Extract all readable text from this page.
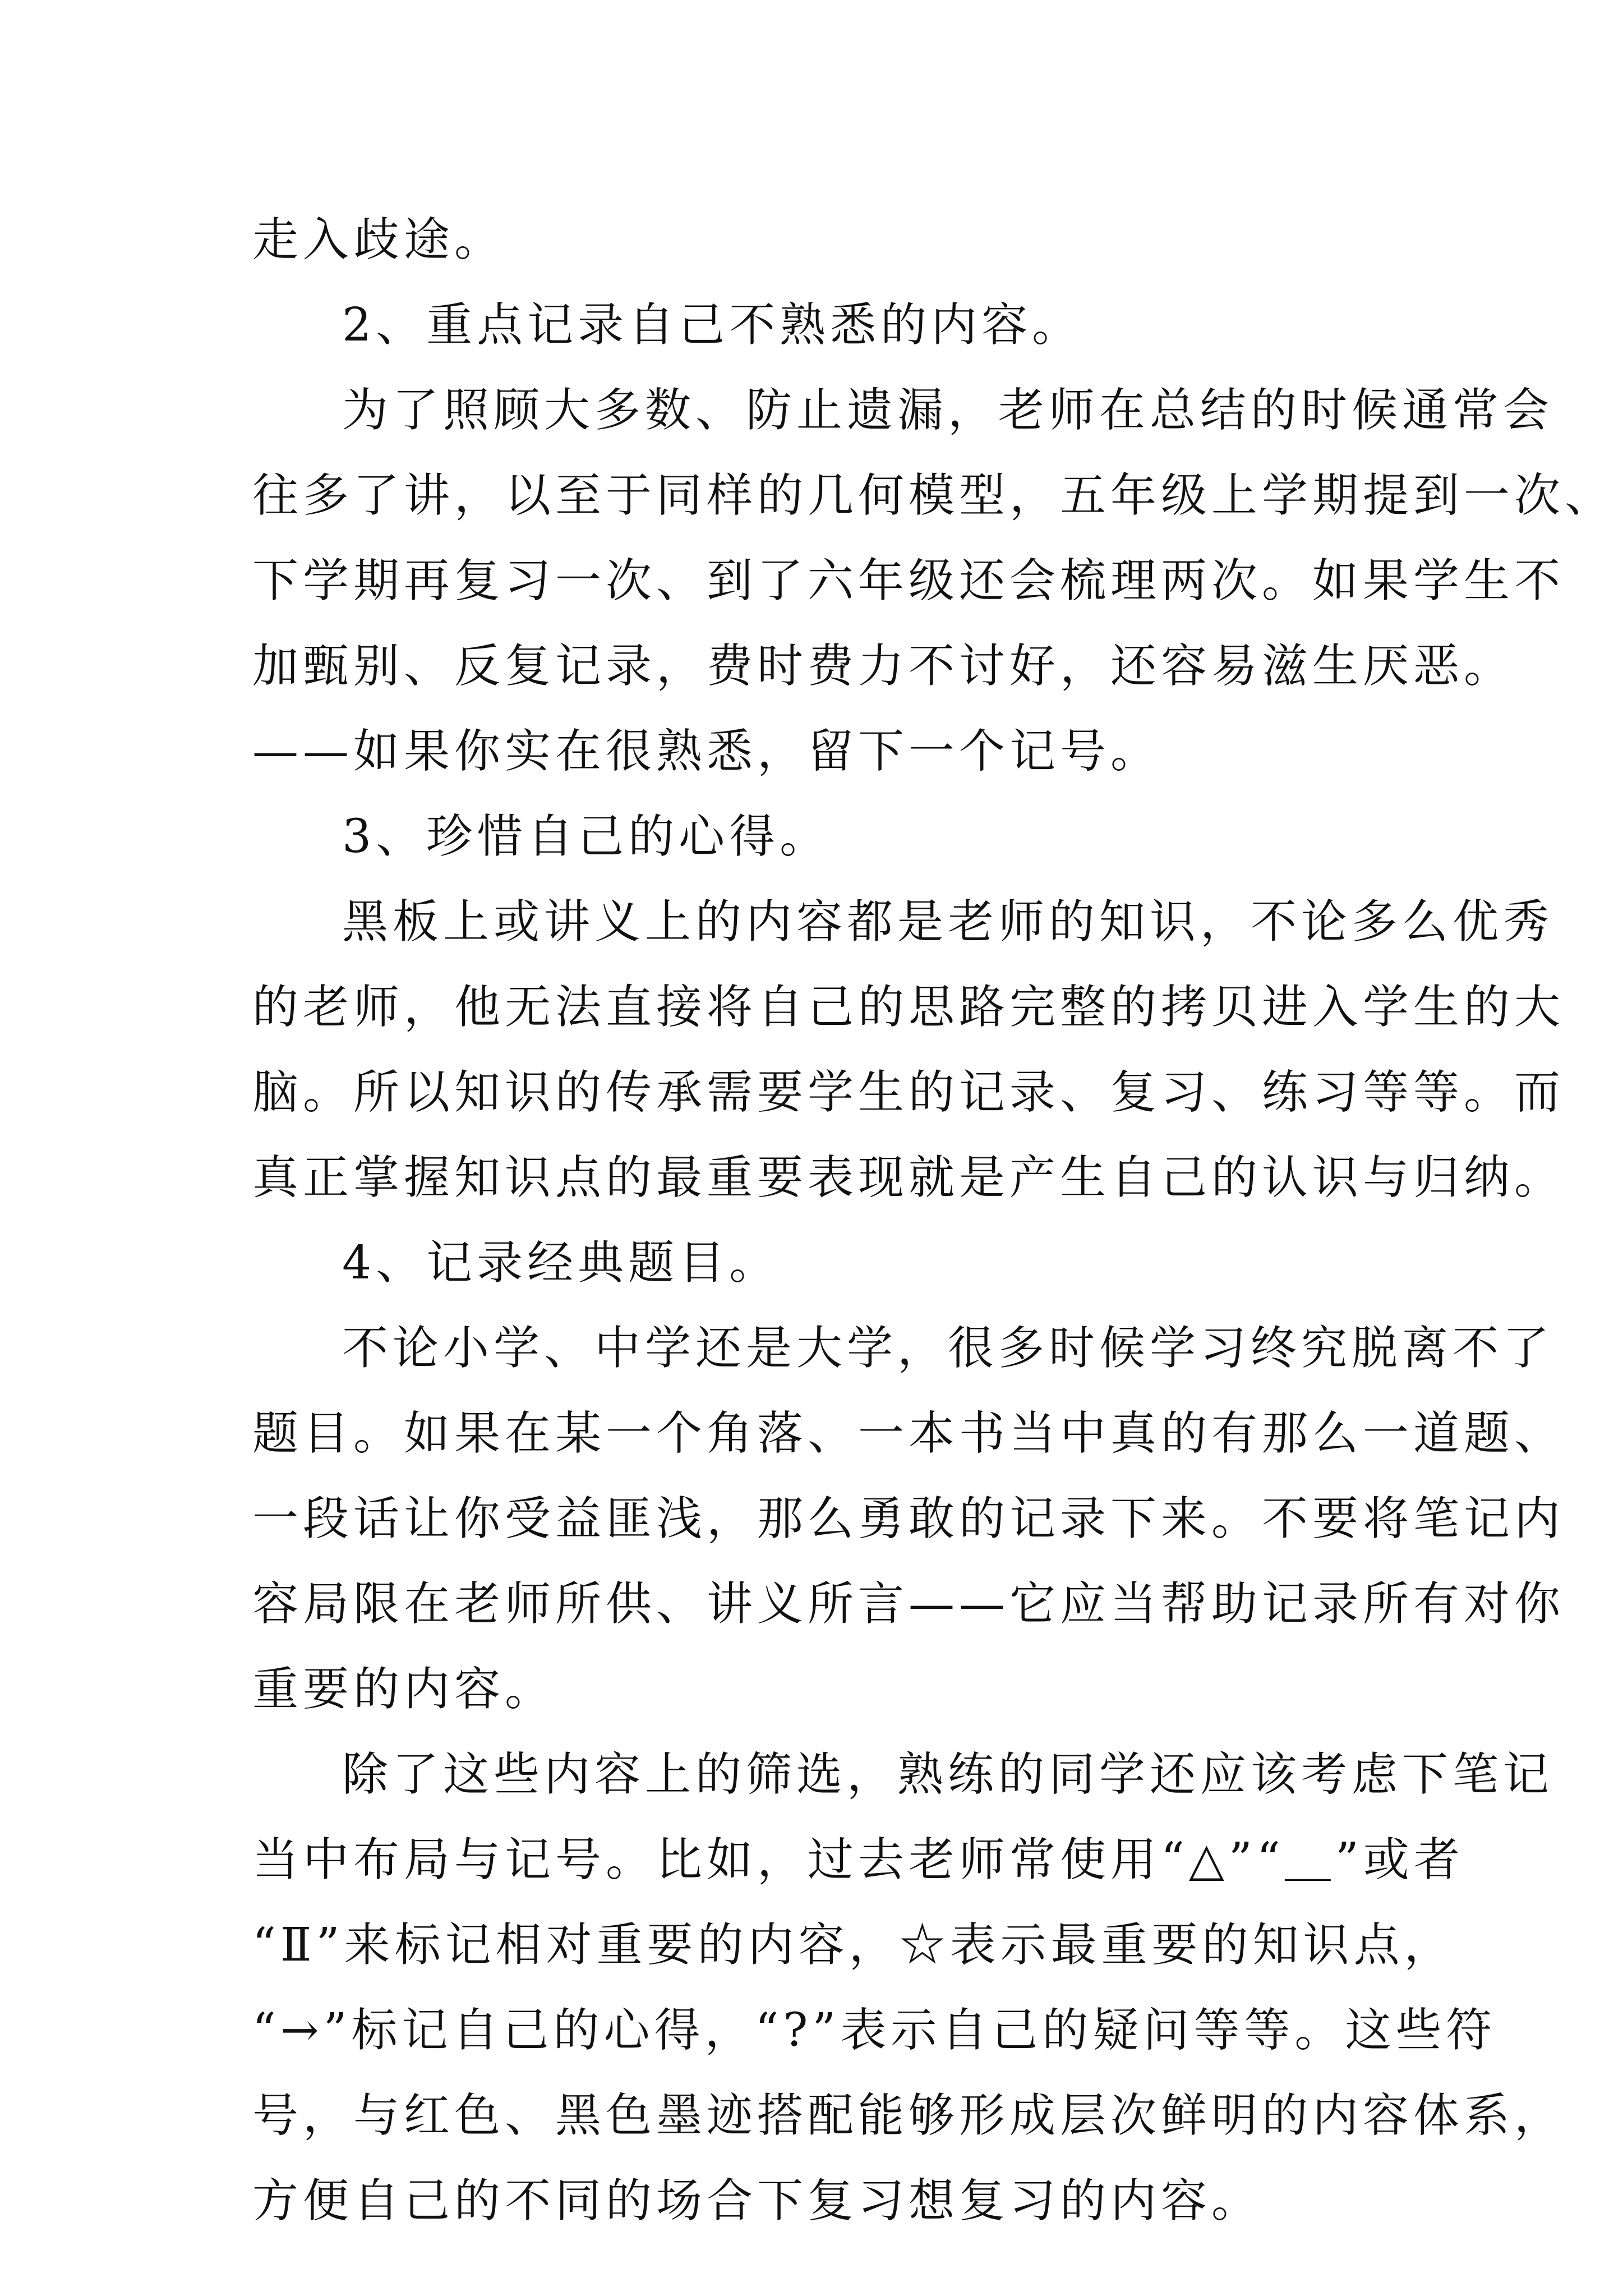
走入歧途。
2、重点记录自己不熟悉的内容。
为了照顾大多数、防止遗漏，老师在总结的时候通常会
往多了讲，以至于同样的几何模型，五年级上学期提到一次、
下学期再复习一次、到了六年级还会梳理两次。如果学生不
加甄别、反复记录，费时费力不讨好，还容易滋生厌恶。
——如果你实在很熟悉，留下一个记号。
3、珍惜自己的心得。
黑板上或讲义上的内容都是老师的知识，不论多么优秀
的老师，他无法直接将自己的思路完整的拷贝进入学生的大
脑。所以知识的传承需要学生的记录、复习、练习等等。而
真正掌握知识点的最重要表现就是产生自己的认识与归纳。
4、记录经典题目。
不论小学、中学还是大学，很多时候学习终究脱离不了
题目。如果在某一个角落、一本书当中真的有那么一道题、
一段话让你受益匪浅，那么勇敢的记录下来。不要将笔记内
容局限在老师所供、讲义所言——它应当帮助记录所有对你
重要的内容。
除了这些内容上的筛选，熟练的同学还应该考虑下笔记
当中布局与记号。比如，过去老师常使用“△”“＿”或者
“Ⅱ”来标记相对重要的内容，☆表示最重要的知识点，
“→”标记自己的心得，“?”表示自己的疑问等等。这些符
号，与红色、黑色墨迹搭配能够形成层次鲜明的内容体系，
方便自己的不同的场合下复习想复习的内容。
